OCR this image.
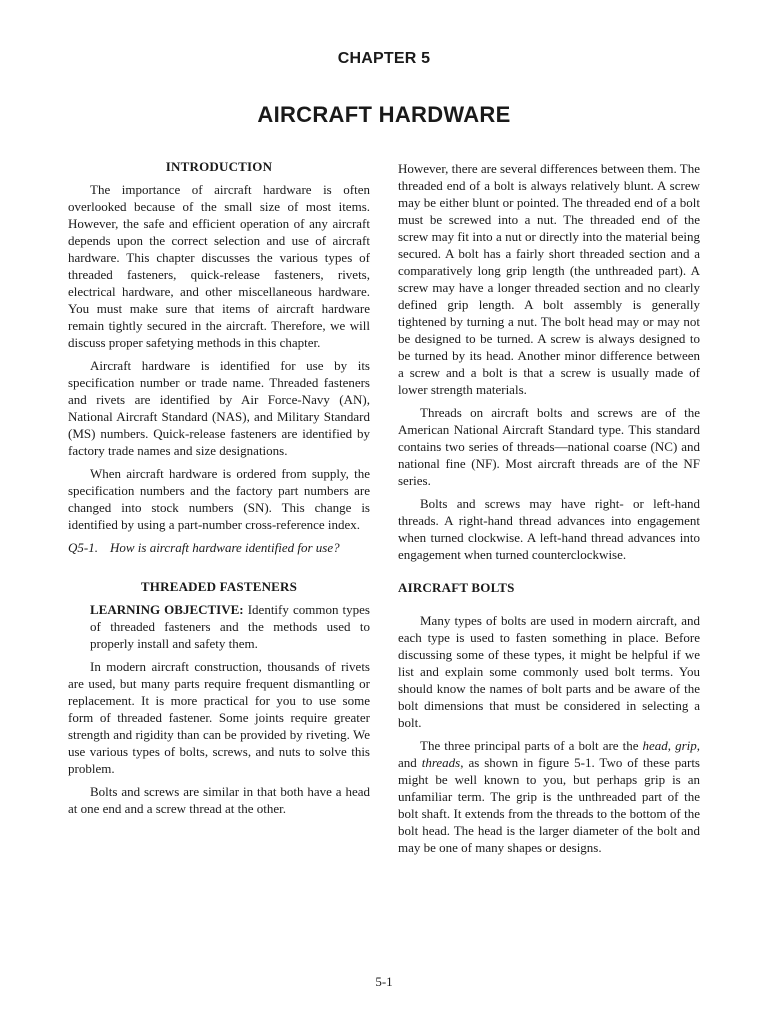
CHAPTER 5
AIRCRAFT HARDWARE
INTRODUCTION

The importance of aircraft hardware is often overlooked because of the small size of most items. However, the safe and efficient operation of any aircraft depends upon the correct selection and use of aircraft hardware. This chapter discusses the various types of threaded fasteners, quick-release fasteners, rivets, electrical hardware, and other miscellaneous hardware. You must make sure that items of aircraft hardware remain tightly secured in the aircraft. Therefore, we will discuss proper safetying methods in this chapter.

Aircraft hardware is identified for use by its specification number or trade name. Threaded fasteners and rivets are identified by Air Force-Navy (AN), National Aircraft Standard (NAS), and Military Standard (MS) numbers. Quick-release fasteners are identified by factory trade names and size designations.

When aircraft hardware is ordered from supply, the specification numbers and the factory part numbers are changed into stock numbers (SN). This change is identified by using a part-number cross-reference index.

Q5-1. How is aircraft hardware identified for use?

THREADED FASTENERS

LEARNING OBJECTIVE: Identify common types of threaded fasteners and the methods used to properly install and safety them.

In modern aircraft construction, thousands of rivets are used, but many parts require frequent dismantling or replacement. It is more practical for you to use some form of threaded fastener. Some joints require greater strength and rigidity than can be provided by riveting. We use various types of bolts, screws, and nuts to solve this problem.

Bolts and screws are similar in that both have a head at one end and a screw thread at the other.

However, there are several differences between them. The threaded end of a bolt is always relatively blunt. A screw may be either blunt or pointed. The threaded end of a bolt must be screwed into a nut. The threaded end of the screw may fit into a nut or directly into the material being secured. A bolt has a fairly short threaded section and a comparatively long grip length (the unthreaded part). A screw may have a longer threaded section and no clearly defined grip length. A bolt assembly is generally tightened by turning a nut. The bolt head may or may not be designed to be turned. A screw is always designed to be turned by its head. Another minor difference between a screw and a bolt is that a screw is usually made of lower strength materials.

Threads on aircraft bolts and screws are of the American National Aircraft Standard type. This standard contains two series of threads—national coarse (NC) and national fine (NF). Most aircraft threads are of the NF series.

Bolts and screws may have right- or left-hand threads. A right-hand thread advances into engagement when turned clockwise. A left-hand thread advances into engagement when turned counterclockwise.

AIRCRAFT BOLTS

Many types of bolts are used in modern aircraft, and each type is used to fasten something in place. Before discussing some of these types, it might be helpful if we list and explain some commonly used bolt terms. You should know the names of bolt parts and be aware of the bolt dimensions that must be considered in selecting a bolt.

The three principal parts of a bolt are the head, grip, and threads, as shown in figure 5-1. Two of these parts might be well known to you, but perhaps grip is an unfamiliar term. The grip is the unthreaded part of the bolt shaft. It extends from the threads to the bottom of the bolt head. The head is the larger diameter of the bolt and may be one of many shapes or designs.

5-1
